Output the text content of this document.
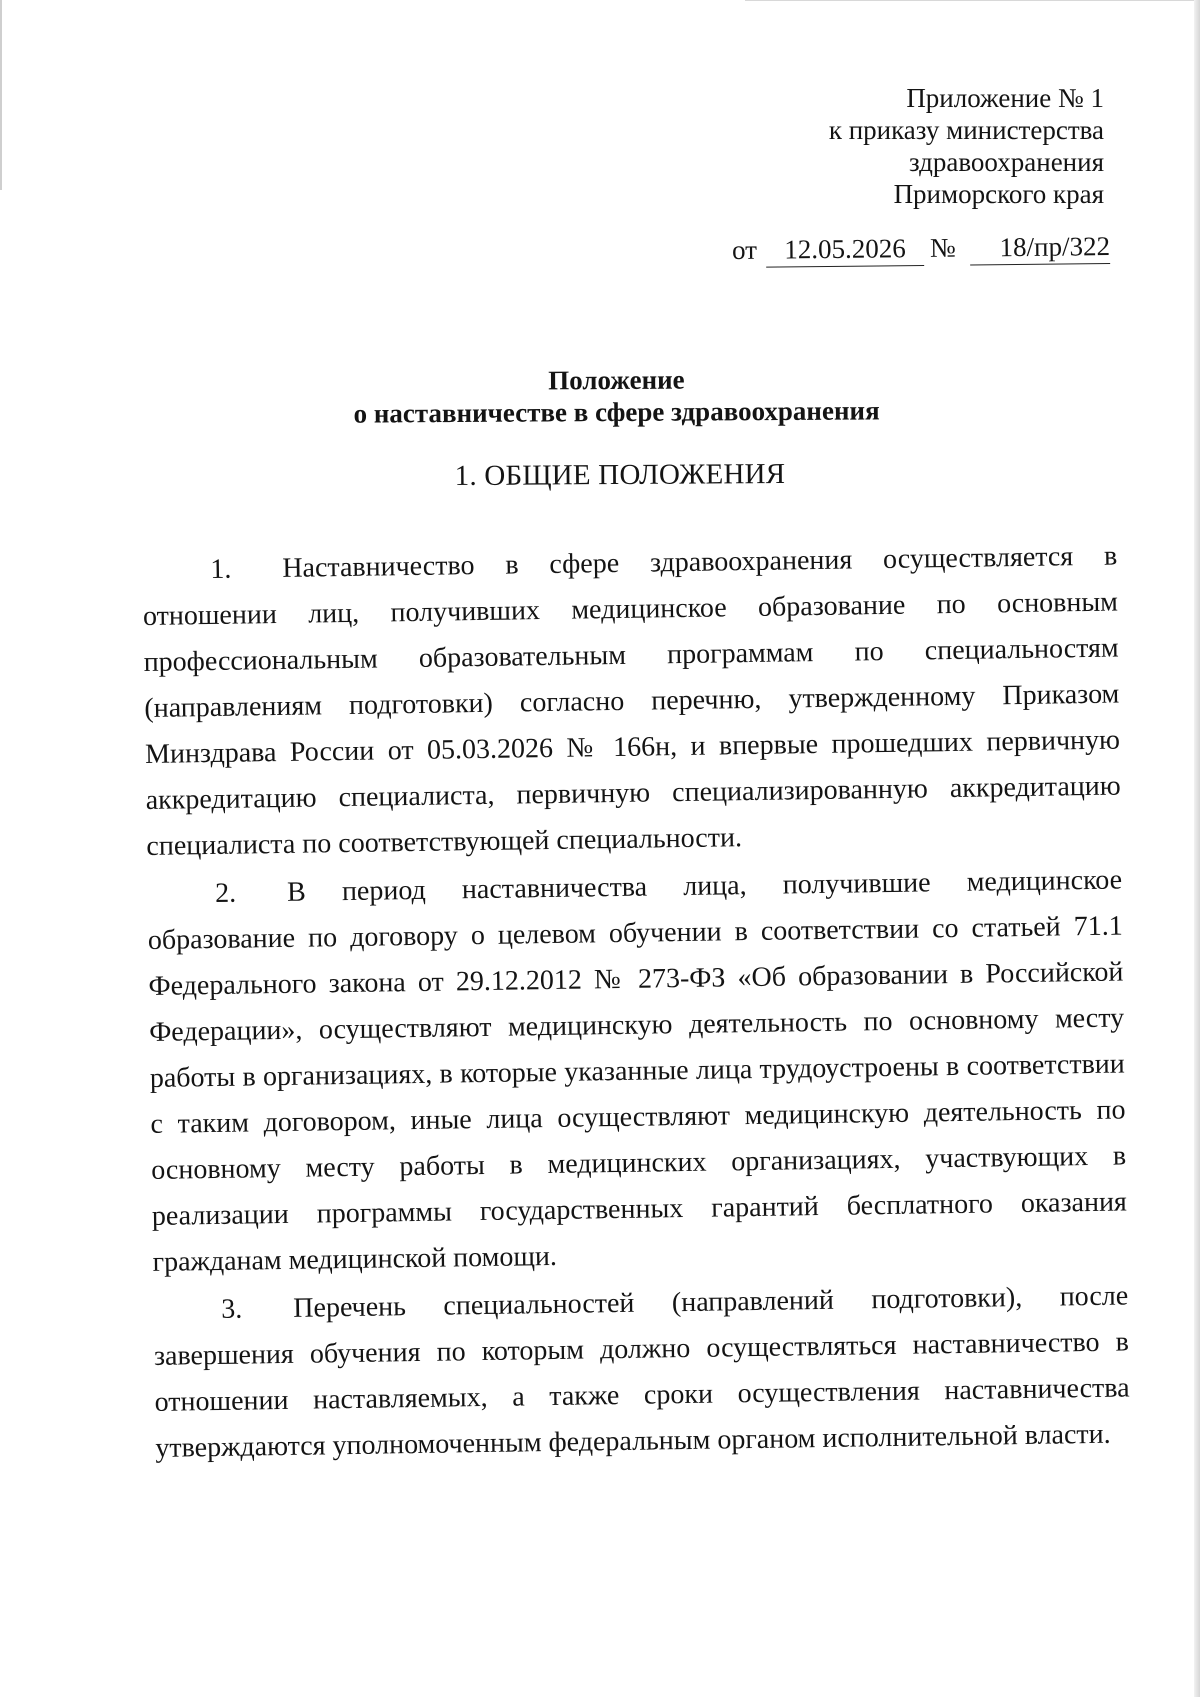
Приложение № 1
к приказу министерства
здравоохранения
Приморского края
от 12.05.2026 №	18/пр/322
Положение
о наставничестве в сфере здравоохранения
1. ОБЩИЕ ПОЛОЖЕНИЯ

1. Наставничество в сфере здравоохранения осуществляется в отношении лиц, получивших медицинское образование по основным профессиональным образовательным программам по специальностям (направлениям подготовки) согласно перечню, утвержденному Приказом Минздрава России от 05.03.2026 № 166н, и впервые прошедших первичную аккредитацию специалиста, первичную специализированную аккредитацию специалиста по соответствующей специальности.

2. В период наставничества лица, получившие медицинское образование по договору о целевом обучении в соответствии со статьей 71.1 Федерального закона от 29.12.2012 № 273-ФЗ «Об образовании в Российской Федерации», осуществляют медицинскую деятельность по основному месту работы в организациях, в которые указанные лица трудоустроены в соответствии с таким договором, иные лица осуществляют медицинскую деятельность по основному месту работы в медицинских организациях, участвующих в реализации программы государственных гарантий бесплатного оказания гражданам медицинской помощи.

3. Перечень специальностей (направлений подготовки), после завершения обучения по которым должно осуществляться наставничество в отношении наставляемых, а также сроки осуществления наставничества утверждаются уполномоченным федеральным органом исполнительной власти.
